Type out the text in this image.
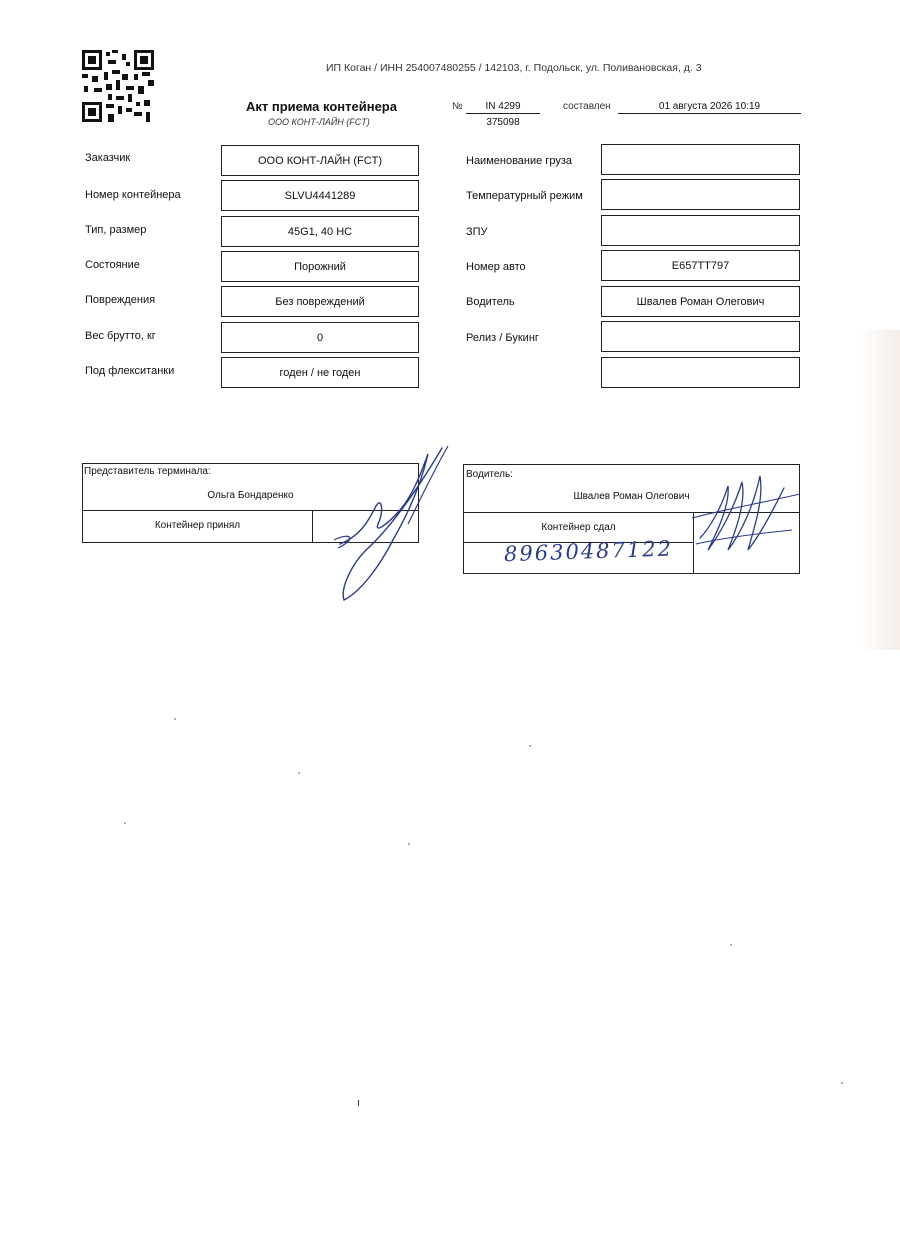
ИП Коган / ИНН 254007480255 / 142103, г. Подольск, ул. Поливановская, д. 3
Акт приема контейнера
ООО КОНТ-ЛАЙН (FCT)
№	IN 4299
375098
составлен	01 августа 2026 10:19
Заказчик	ООО КОНТ-ЛАЙН (FCT)
Номер контейнера	SLVU4441289
Тип, размер	45G1, 40 HC
Состояние	Порожний
Повреждения	Без повреждений
Вес брутто, кг	0
Под флекситанки	годен / не годен
Наименование груза
Температурный режим
ЗПУ
Номер авто	Е657ТТ797
Водитель	Швалев Роман Олегович
Релиз / Букинг
Представитель терминала:
Ольга Бондаренко
Контейнер принял
Водитель:
Швалев Роман Олегович
Контейнер сдал
89630487122
